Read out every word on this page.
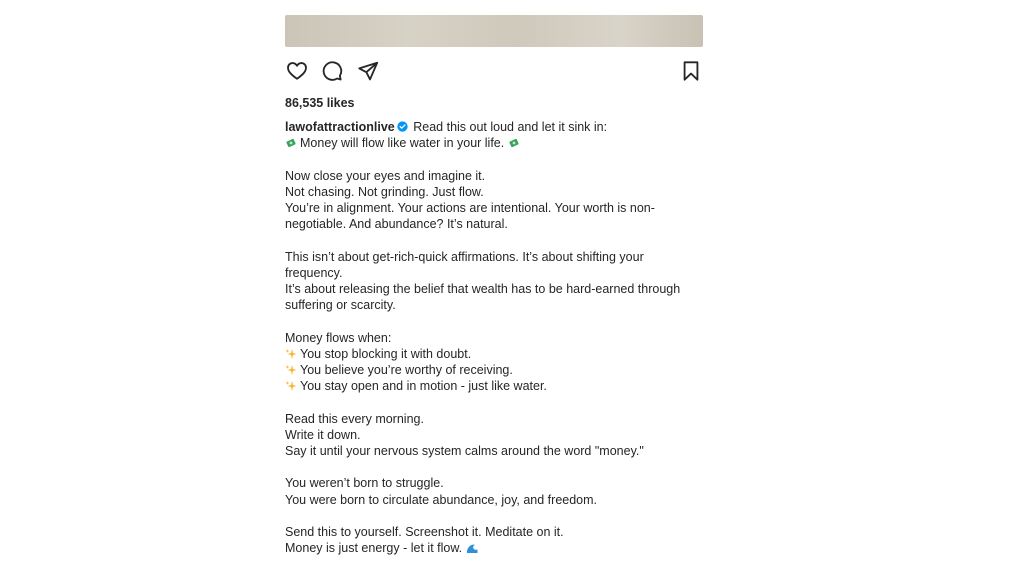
86,535 likes
lawofattractionlive Read this out loud and let it sink in:
Money will flow like water in your life.
Now close your eyes and imagine it.
Not chasing. Not grinding. Just flow.
You’re in alignment. Your actions are intentional. Your worth is non-
negotiable. And abundance? It’s natural.
This isn’t about get-rich-quick affirmations. It’s about shifting your
frequency.
It’s about releasing the belief that wealth has to be hard-earned through
suffering or scarcity.
Money flows when:
You stop blocking it with doubt.
You believe you’re worthy of receiving.
You stay open and in motion - just like water.
Read this every morning.
Write it down.
Say it until your nervous system calms around the word "money."
You weren’t born to struggle.
You were born to circulate abundance, joy, and freedom.
Send this to yourself. Screenshot it. Meditate on it.
Money is just energy - let it flow.
